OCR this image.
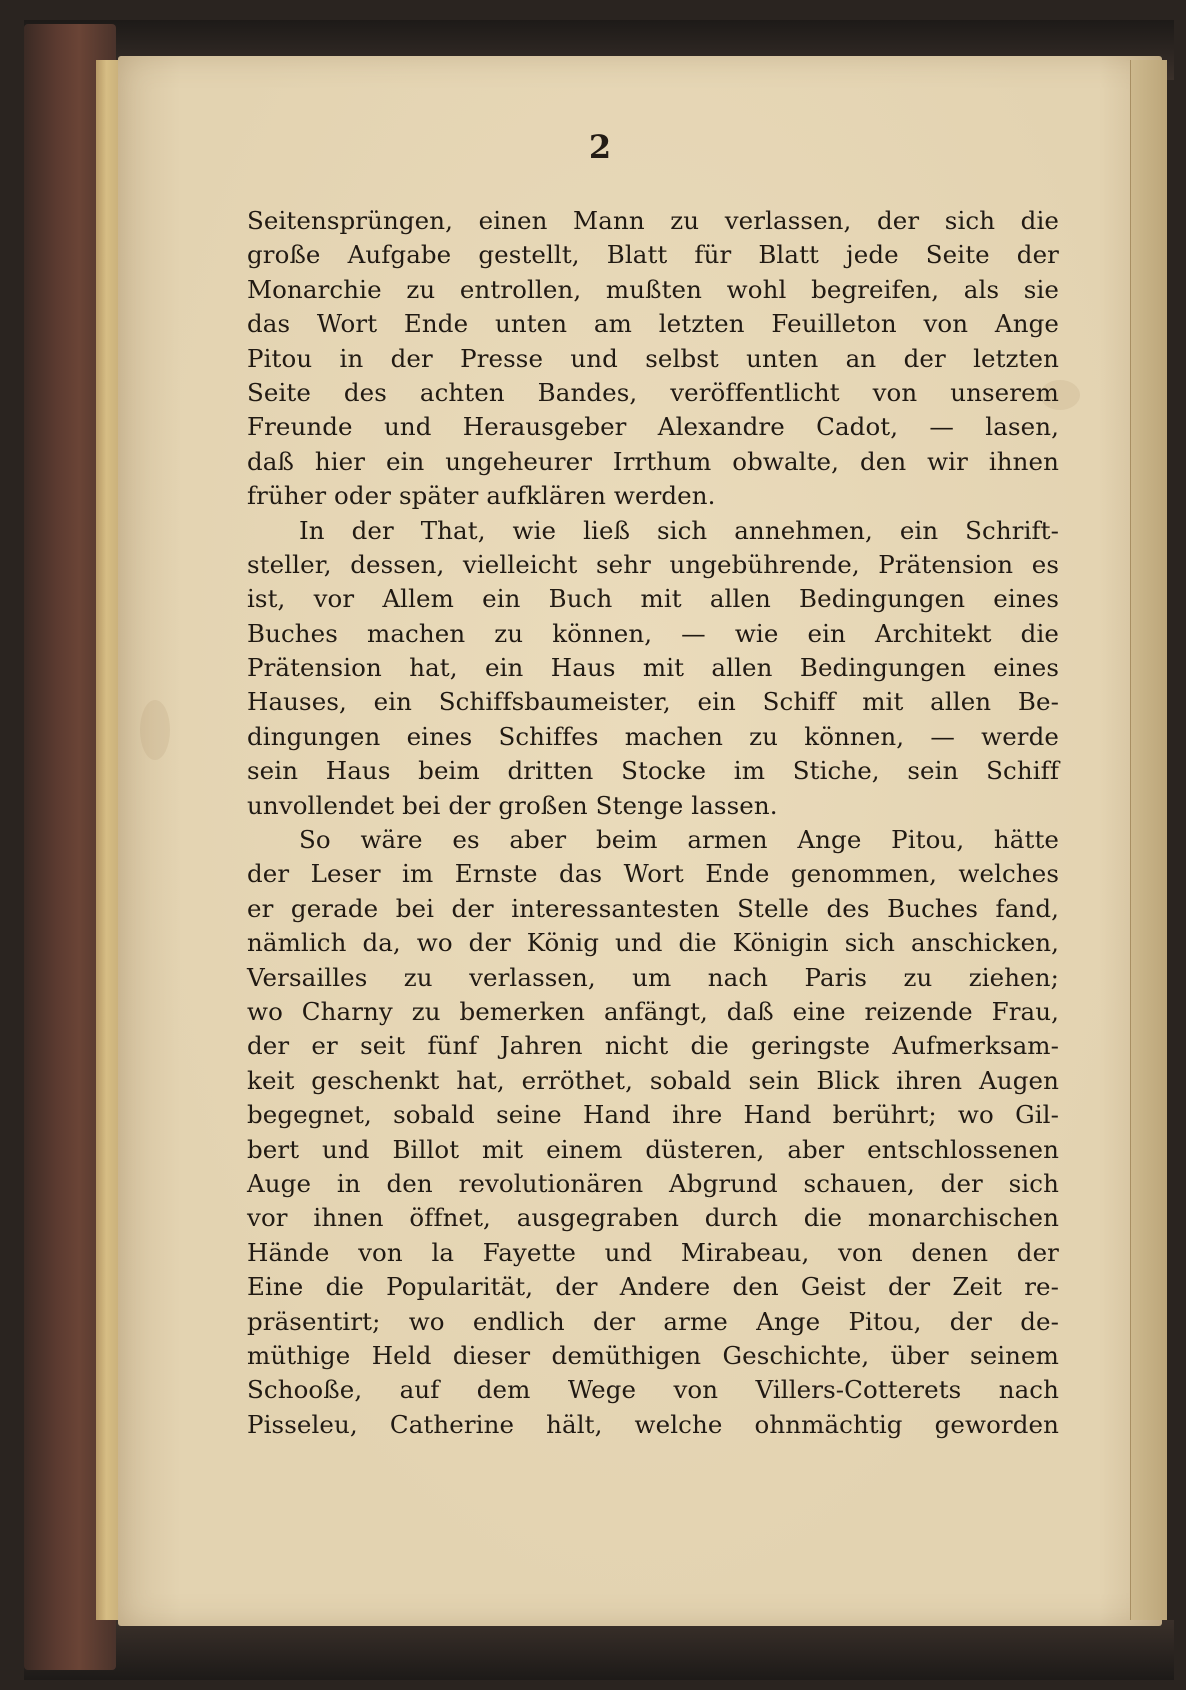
2
Seitensprüngen, einen Mann zu verlassen, der sich die
große Aufgabe gestellt, Blatt für Blatt jede Seite der
Monarchie zu entrollen, mußten wohl begreifen, als sie
das Wort Ende unten am letzten Feuilleton von Ange
Pitou in der Presse und selbst unten an der letzten
Seite des achten Bandes, veröffentlicht von unserem
Freunde und Herausgeber Alexandre Cadot, — lasen,
daß hier ein ungeheurer Irrthum obwalte, den wir ihnen
früher oder später aufklären werden.
In der That, wie ließ sich annehmen, ein Schrift-
steller, dessen, vielleicht sehr ungebührende, Prätension es
ist, vor Allem ein Buch mit allen Bedingungen eines
Buches machen zu können, — wie ein Architekt die
Prätension hat, ein Haus mit allen Bedingungen eines
Hauses, ein Schiffsbaumeister, ein Schiff mit allen Be-
dingungen eines Schiffes machen zu können, — werde
sein Haus beim dritten Stocke im Stiche, sein Schiff
unvollendet bei der großen Stenge lassen.
So wäre es aber beim armen Ange Pitou, hätte
der Leser im Ernste das Wort Ende genommen, welches
er gerade bei der interessantesten Stelle des Buches fand,
nämlich da, wo der König und die Königin sich anschicken,
Versailles zu verlassen, um nach Paris zu ziehen;
wo Charny zu bemerken anfängt, daß eine reizende Frau,
der er seit fünf Jahren nicht die geringste Aufmerksam-
keit geschenkt hat, erröthet, sobald sein Blick ihren Augen
begegnet, sobald seine Hand ihre Hand berührt; wo Gil-
bert und Billot mit einem düsteren, aber entschlossenen
Auge in den revolutionären Abgrund schauen, der sich
vor ihnen öffnet, ausgegraben durch die monarchischen
Hände von la Fayette und Mirabeau, von denen der
Eine die Popularität, der Andere den Geist der Zeit re-
präsentirt; wo endlich der arme Ange Pitou, der de-
müthige Held dieser demüthigen Geschichte, über seinem
Schooße, auf dem Wege von Villers-Cotterets nach
Pisseleu, Catherine hält, welche ohnmächtig geworden
